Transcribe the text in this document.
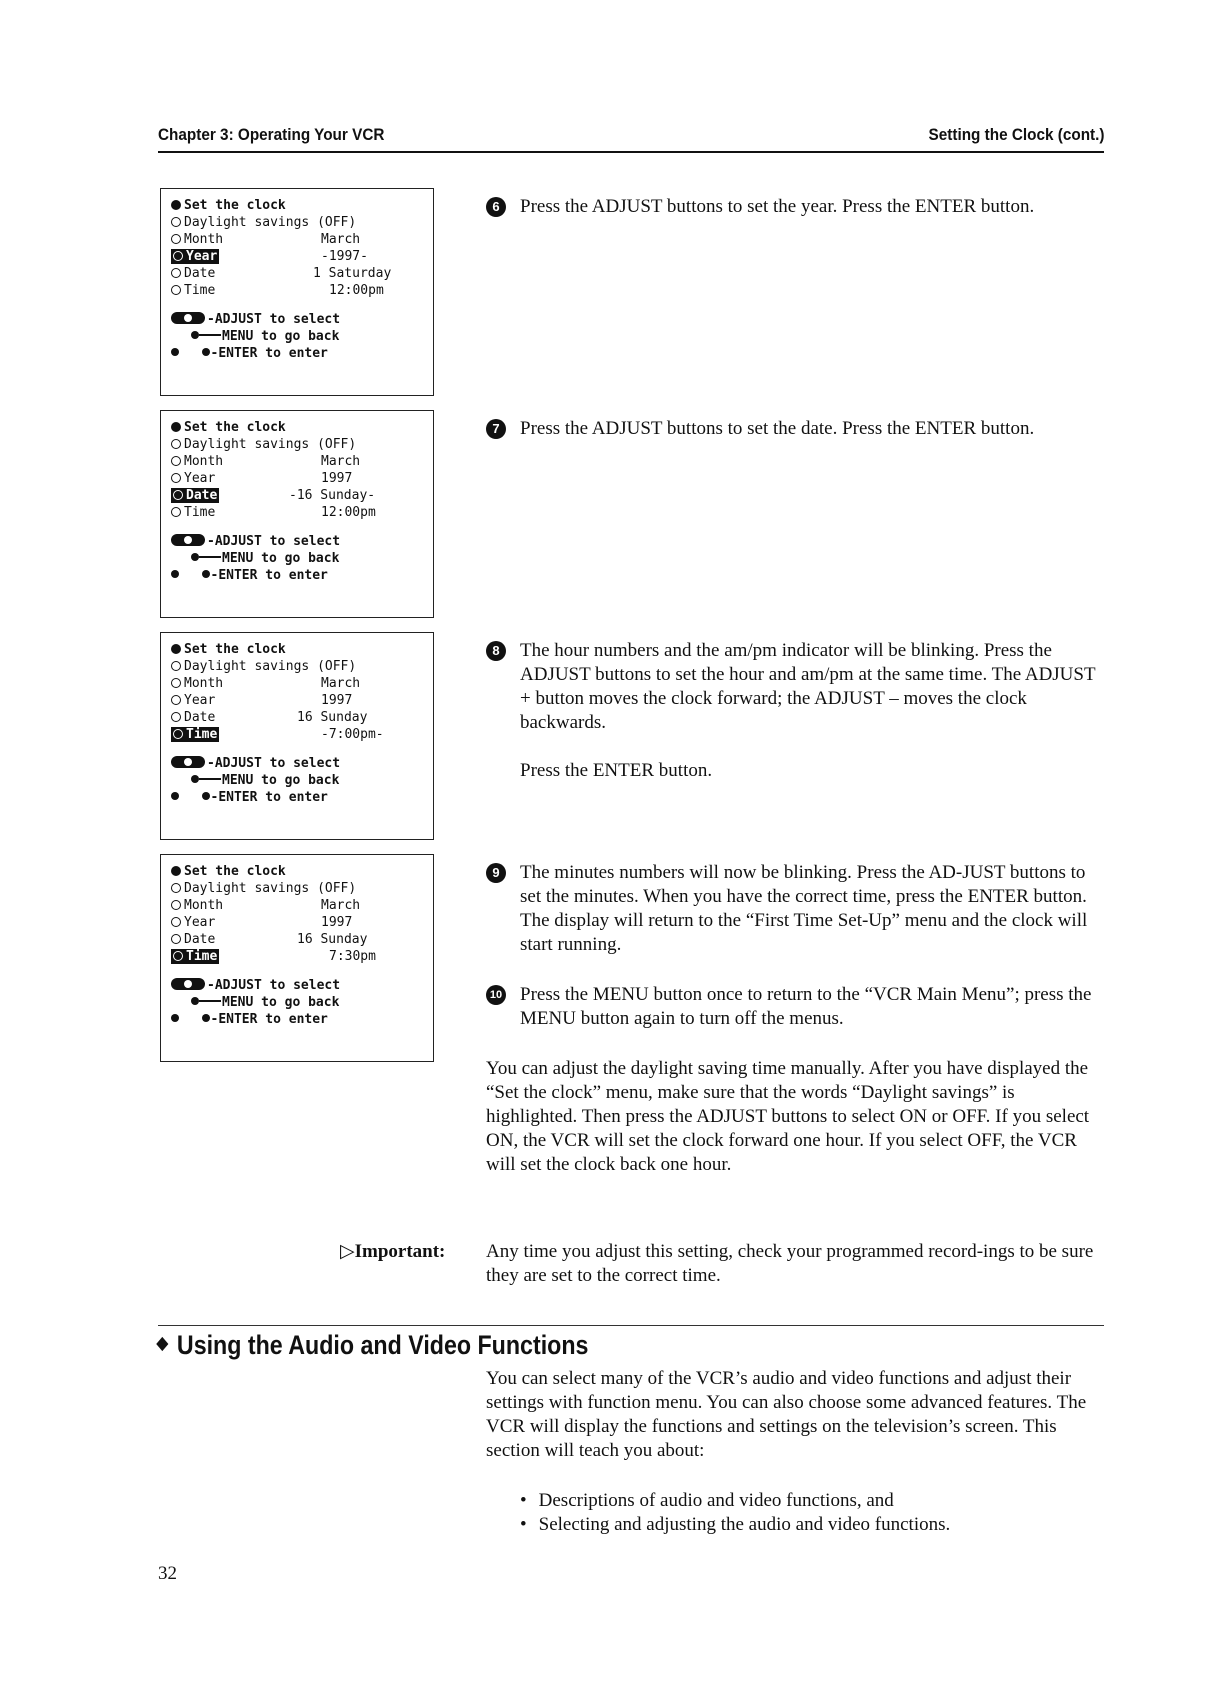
Chapter 3: Operating Your VCR	Setting the Clock (cont.)
Set the clock
Daylight savings (OFF)
Month	March
Year	-1997-
Date	1 Saturday
Time	12:00pm
-ADJUST to select
MENU to go back
-ENTER to enter
Set the clock
Daylight savings (OFF)
Month	March
Year	1997
Date	-16 Sunday-
Time	12:00pm
-ADJUST to select
MENU to go back
-ENTER to enter
Set the clock
Daylight savings (OFF)
Month	March
Year	1997
Date	16 Sunday
Time	-7:00pm-
-ADJUST to select
MENU to go back
-ENTER to enter
Set the clock
Daylight savings (OFF)
Month	March
Year	1997
Date	16 Sunday
Time	7:30pm
-ADJUST to select
MENU to go back
-ENTER to enter
6	Press the ADJUST buttons to set the year. Press the ENTER button.
7	Press the ADJUST buttons to set the date. Press the ENTER button.
8	The hour numbers and the am/pm indicator will be blinking. Press the ADJUST buttons to set the hour and am/pm at the same time. The ADJUST + button moves the clock forward; the ADJUST – moves the clock backwards.
Press the ENTER button.
9	The minutes numbers will now be blinking. Press the AD-JUST buttons to set the minutes. When you have the correct time, press the ENTER button. The display will return to the “First Time Set-Up” menu and the clock will start running.
10 Press the MENU button once to return to the “VCR Main Menu”; press the MENU button again to turn off the menus.
You can adjust the daylight saving time manually. After you have displayed the “Set the clock” menu, make sure that the words “Daylight savings” is highlighted. Then press the ADJUST buttons to select ON or OFF. If you select ON, the VCR will set the clock forward one hour. If you select OFF, the VCR will set the clock back one hour.
▷Important: Any time you adjust this setting, check your programmed record-ings to be sure they are set to the correct time.
Using the Audio and Video Functions
You can select many of the VCR’s audio and video functions and adjust their settings with function menu. You can also choose some advanced features. The VCR will display the functions and settings on the television’s screen. This section will teach you about:
• Descriptions of audio and video functions, and
• Selecting and adjusting the audio and video functions.
32
